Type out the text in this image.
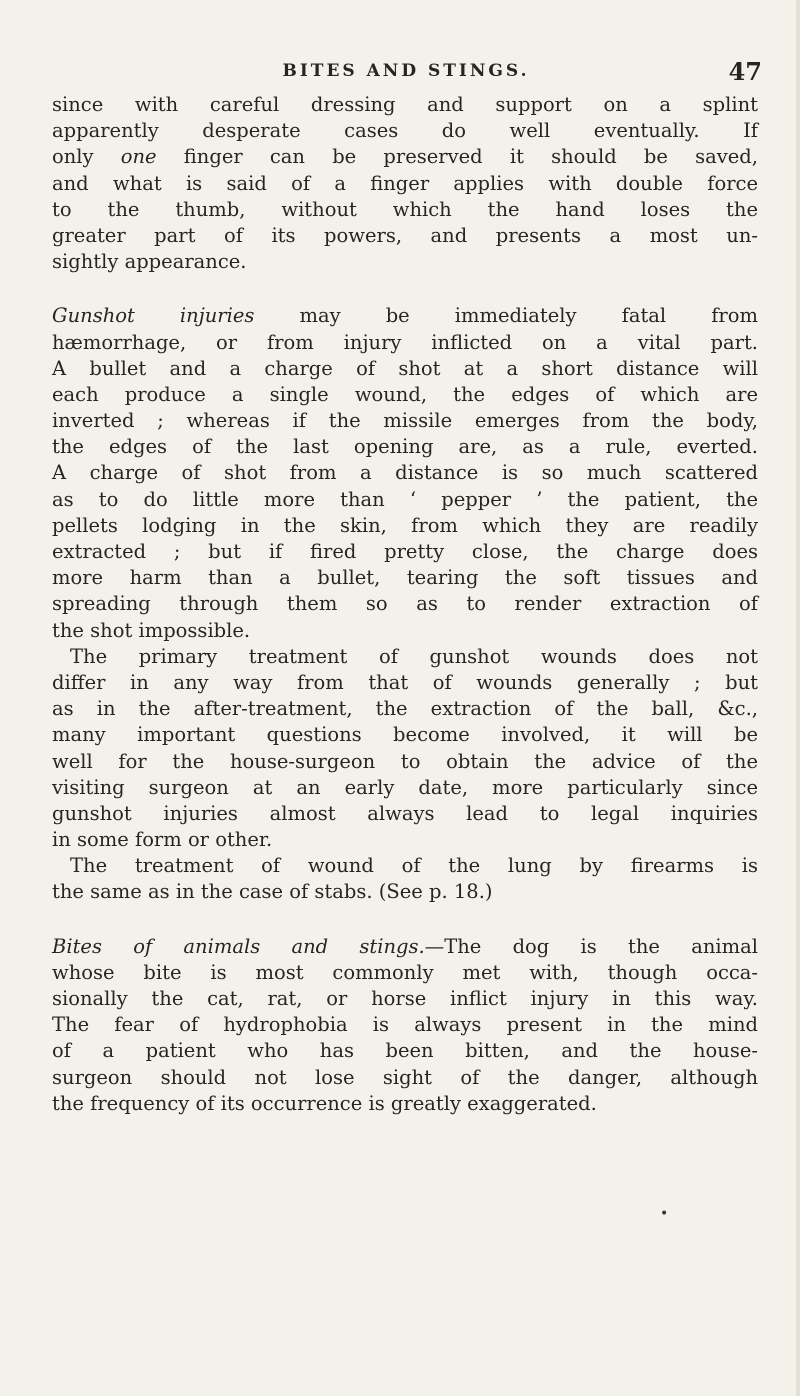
BITES AND STINGS.	47
since with careful dressing and support on a splint
apparently desperate cases do well eventually. If
only one finger can be preserved it should be saved,
and what is said of a finger applies with double force
to the thumb, without which the hand loses the
greater part of its powers, and presents a most un-
sightly appearance.
Gunshot injuries may be immediately fatal from
hæmorrhage, or from injury inflicted on a vital part.
A bullet and a charge of shot at a short distance will
each produce a single wound, the edges of which are
inverted ; whereas if the missile emerges from the body,
the edges of the last opening are, as a rule, everted.
A charge of shot from a distance is so much scattered
as to do little more than ‘ pepper ’ the patient, the
pellets lodging in the skin, from which they are readily
extracted ; but if fired pretty close, the charge does
more harm than a bullet, tearing the soft tissues and
spreading through them so as to render extraction of
the shot impossible.
The primary treatment of gunshot wounds does not
differ in any way from that of wounds generally ; but
as in the after-treatment, the extraction of the ball, &c.,
many important questions become involved, it will be
well for the house-surgeon to obtain the advice of the
visiting surgeon at an early date, more particularly since
gunshot injuries almost always lead to legal inquiries
in some form or other.
The treatment of wound of the lung by firearms is
the same as in the case of stabs. (See p. 18.)
Bites of animals and stings.—The dog is the animal
whose bite is most commonly met with, though occa-
sionally the cat, rat, or horse inflict injury in this way.
The fear of hydrophobia is always present in the mind
of a patient who has been bitten, and the house-
surgeon should not lose sight of the danger, although
the frequency of its occurrence is greatly exaggerated.
•
